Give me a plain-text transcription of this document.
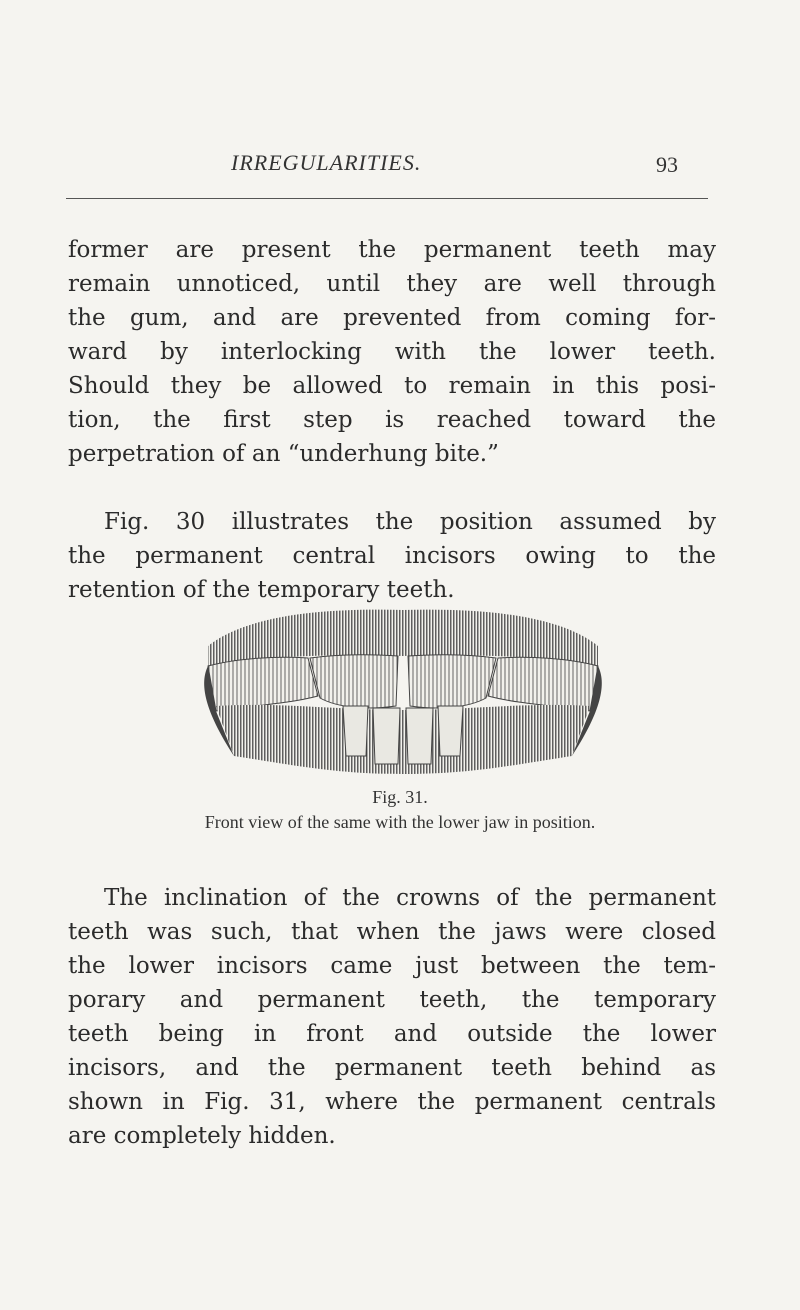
IRREGULARITIES.	93
former are present the permanent teeth may
remain unnoticed, until they are well through
the gum, and are prevented from coming for-
ward by interlocking with the lower teeth.
Should they be allowed to remain in this posi-
tion, the first step is reached toward the
perpetration of an “underhung bite.”
Fig. 30 illustrates the position assumed by
the permanent central incisors owing to the
retention of the temporary teeth.
Fig. 31.
Front view of the same with the lower jaw in position.
The inclination of the crowns of the permanent
teeth was such, that when the jaws were closed
the lower incisors came just between the tem-
porary and permanent teeth, the temporary
teeth being in front and outside the lower
incisors, and the permanent teeth behind as
shown in Fig. 31, where the permanent centrals
are completely hidden.
